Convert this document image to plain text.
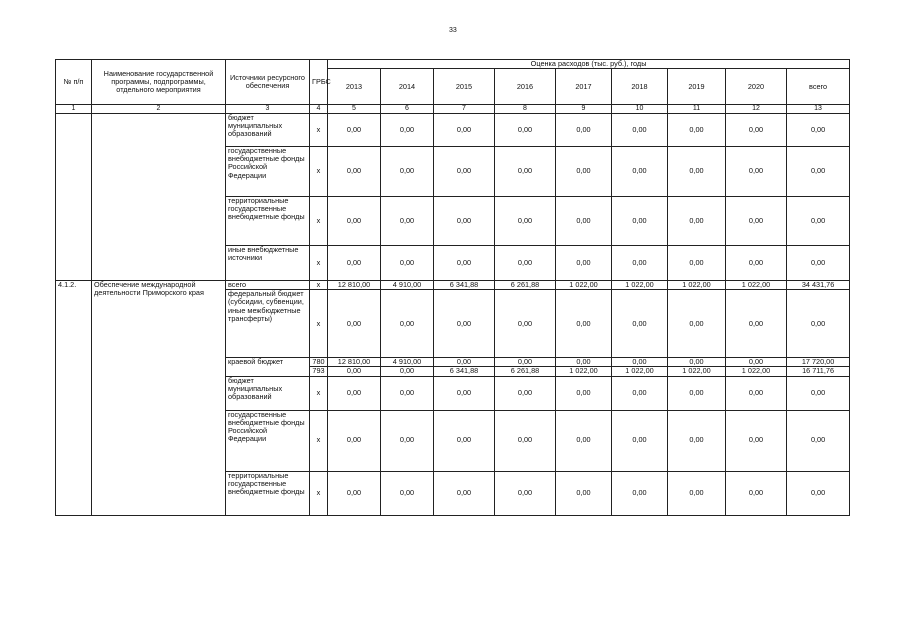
33
№ п/п	Наименование государственной программы, подпрограммы, отдельного мероприятия	Источники ресурсного обеспечения	ГРБС	Оценка расходов (тыс. руб.), годы								
				2013	2014	2015	2016	2017	2018	2019	2020	всего
1	2	3	4	5	6	7	8	9	10	11	12	13
		бюджет муниципальных образований	х	0,00	0,00	0,00	0,00	0,00	0,00	0,00	0,00	0,00
		государственные внебюджетные фонды Российской Федерации	х	0,00	0,00	0,00	0,00	0,00	0,00	0,00	0,00	0,00
		территориальные государственные внебюджетные фонды	х	0,00	0,00	0,00	0,00	0,00	0,00	0,00	0,00	0,00
		иные внебюджетные источники	х	0,00	0,00	0,00	0,00	0,00	0,00	0,00	0,00	0,00
4.1.2.	Обеспечение международной деятельности Приморского края	всего	х	12 810,00	4 910,00	6 341,88	6 261,88	1 022,00	1 022,00	1 022,00	1 022,00	34 431,76
		федеральный бюджет (субсидии, субвенции, иные межбюджетные трансферты)	х	0,00	0,00	0,00	0,00	0,00	0,00	0,00	0,00	0,00
		краевой бюджет	780	12 810,00	4 910,00	0,00	0,00	0,00	0,00	0,00	0,00	17 720,00
			793	0,00	0,00	6 341,88	6 261,88	1 022,00	1 022,00	1 022,00	1 022,00	16 711,76
		бюджет муниципальных образований	х	0,00	0,00	0,00	0,00	0,00	0,00	0,00	0,00	0,00
		государственные внебюджетные фонды Российской Федерации	х	0,00	0,00	0,00	0,00	0,00	0,00	0,00	0,00	0,00
		территориальные государственные внебюджетные фонды	х	0,00	0,00	0,00	0,00	0,00	0,00	0,00	0,00	0,00
